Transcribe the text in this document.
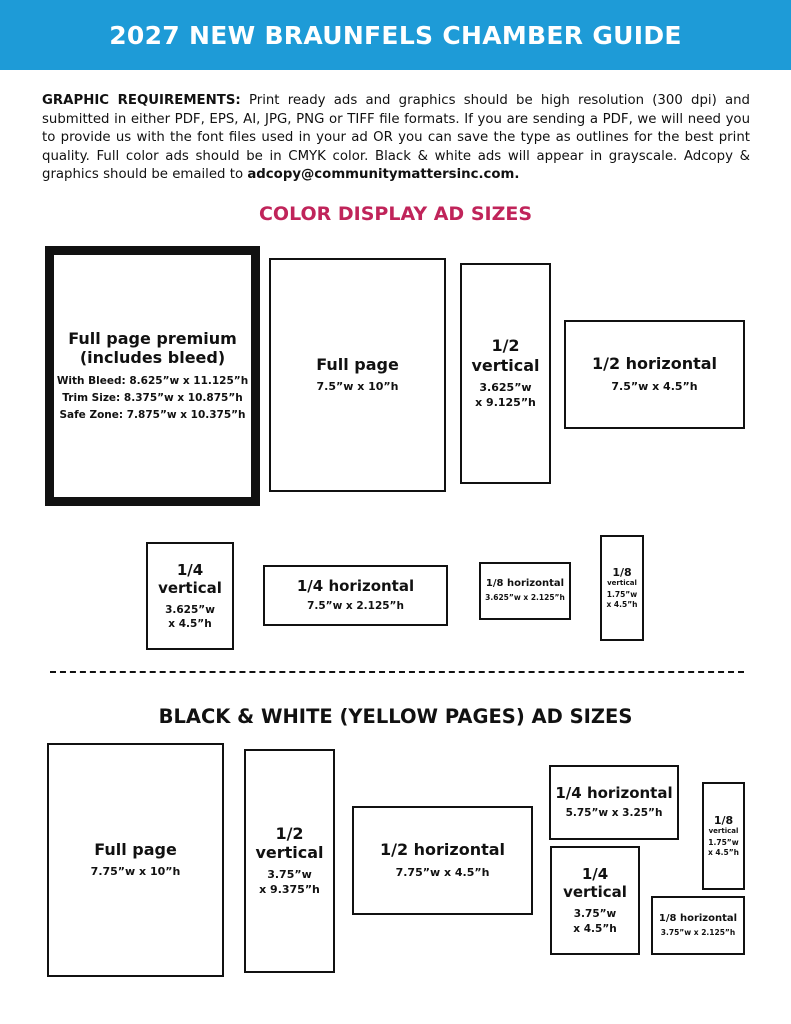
2027 NEW BRAUNFELS CHAMBER GUIDE
GRAPHIC REQUIREMENTS: Print ready ads and graphics should be high resolution (300 dpi) and submitted in either PDF, EPS, AI, JPG, PNG or TIFF file formats. If you are sending a PDF, we will need you to provide us with the font files used in your ad OR you can save the type as outlines for the best print quality. Full color ads should be in CMYK color. Black & white ads will appear in grayscale. Adcopy & graphics should be emailed to adcopy@communitymattersinc.com.
COLOR DISPLAY AD SIZES
Full page premium
(includes bleed)
With Bleed: 8.625”w x 11.125”h
Trim Size: 8.375”w x 10.875”h
Safe Zone: 7.875”w x 10.375”h
Full page
7.5”w x 10”h
1/2
vertical
3.625”w
x 9.125”h
1/2 horizontal
7.5”w x 4.5”h
1/4
vertical
3.625”w
x 4.5”h
1/4 horizontal
7.5”w x 2.125”h
1/8 horizontal
3.625”w x 2.125”h
1/8
vertical
1.75”w
x 4.5”h
BLACK & WHITE (YELLOW PAGES) AD SIZES
Full page
7.75”w x 10”h
1/2
vertical
3.75”w
x 9.375”h
1/2 horizontal
7.75”w x 4.5”h
1/4 horizontal
5.75”w x 3.25”h
1/4
vertical
3.75”w
x 4.5”h
1/8
vertical
1.75”w
x 4.5”h
1/8 horizontal
3.75”w x 2.125”h
